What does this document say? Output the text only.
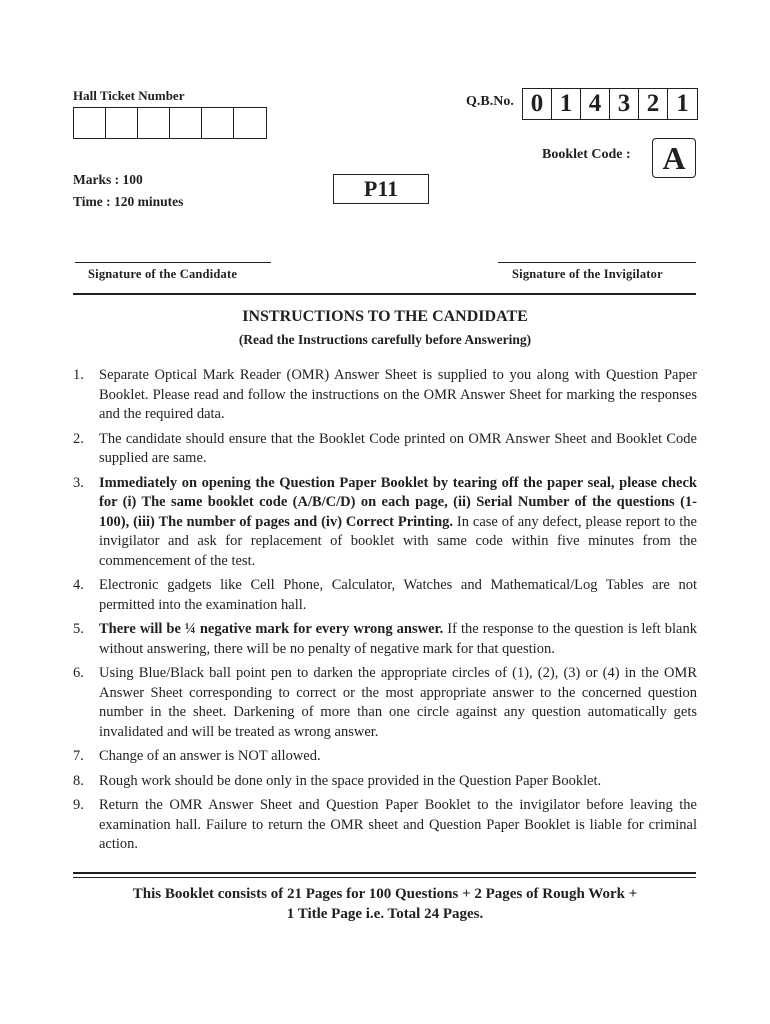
Hall Ticket Number	Q.B.No. 0 1 4 3 2 1
Booklet Code : A
Marks : 100
Time : 120 minutes
P11
Signature of the Candidate	Signature of the Invigilator
INSTRUCTIONS TO THE CANDIDATE
(Read the Instructions carefully before Answering)
1.	Separate Optical Mark Reader (OMR) Answer Sheet is supplied to you along with Question Paper Booklet. Please read and follow the instructions on the OMR Answer Sheet for marking the responses and the required data.
2.	The candidate should ensure that the Booklet Code printed on OMR Answer Sheet and Booklet Code supplied are same.
3.	Immediately on opening the Question Paper Booklet by tearing off the paper seal, please check for (i) The same booklet code (A/B/C/D) on each page, (ii) Serial Number of the questions (1-100), (iii) The number of pages and (iv) Correct Printing. In case of any defect, please report to the invigilator and ask for replacement of booklet with same code within five minutes from the commencement of the test.
4.	Electronic gadgets like Cell Phone, Calculator, Watches and Mathematical/Log Tables are not permitted into the examination hall.
5.	There will be ¼ negative mark for every wrong answer. If the response to the question is left blank without answering, there will be no penalty of negative mark for that question.
6.	Using Blue/Black ball point pen to darken the appropriate circles of (1), (2), (3) or (4) in the OMR Answer Sheet corresponding to correct or the most appropriate answer to the concerned question number in the sheet. Darkening of more than one circle against any question automatically gets invalidated and will be treated as wrong answer.
7.	Change of an answer is NOT allowed.
8.	Rough work should be done only in the space provided in the Question Paper Booklet.
9.	Return the OMR Answer Sheet and Question Paper Booklet to the invigilator before leaving the examination hall. Failure to return the OMR sheet and Question Paper Booklet is liable for criminal action.
This Booklet consists of 21 Pages for 100 Questions + 2 Pages of Rough Work +
1 Title Page i.e. Total 24 Pages.
